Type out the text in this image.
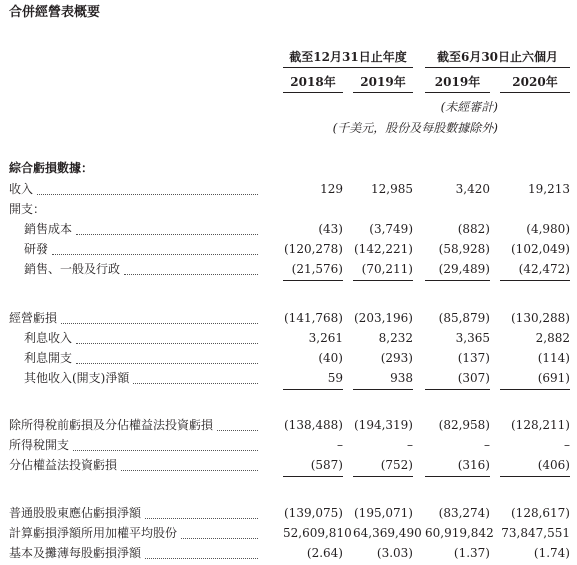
合併經營表概要
截至12月31日止年度	截至6月30日止六個月
2018年	2019年	2019年	2020年
(未經審計)
(千美元，股份及每股數據除外)
綜合虧損數據：
收入	129	12,985	3,420	19,213
開支：
銷售成本	(43)	(3,749)	(882)	(4,980)
研發	(120,278) (142,221)	(58,928)	(102,049)
銷售、一般及行政	(21,576)	(70,211)	(29,489)	(42,472)
經營虧損	(141,768) (203,196)	(85,879)	(130,288)
利息收入	3,261	8,232	3,365	2,882
利息開支	(40)	(293)	(137)	(114)
其他收入(開支)淨額	59	938	(307)	(691)
除所得稅前虧損及分佔權益法投資虧損	(138,488) (194,319)	(82,958)	(128,211)
所得稅開支	–	–	–	–
分佔權益法投資虧損	(587)	(752)	(316)	(406)
普通股股東應佔虧損淨額	(139,075) (195,071)	(83,274)	(128,617)
計算虧損淨額所用加權平均股份	52,609,810 64,369,490 60,919,842 73,847,551
基本及攤薄每股虧損淨額	(2.64)	(3.03)	(1.37)	(1.74)
